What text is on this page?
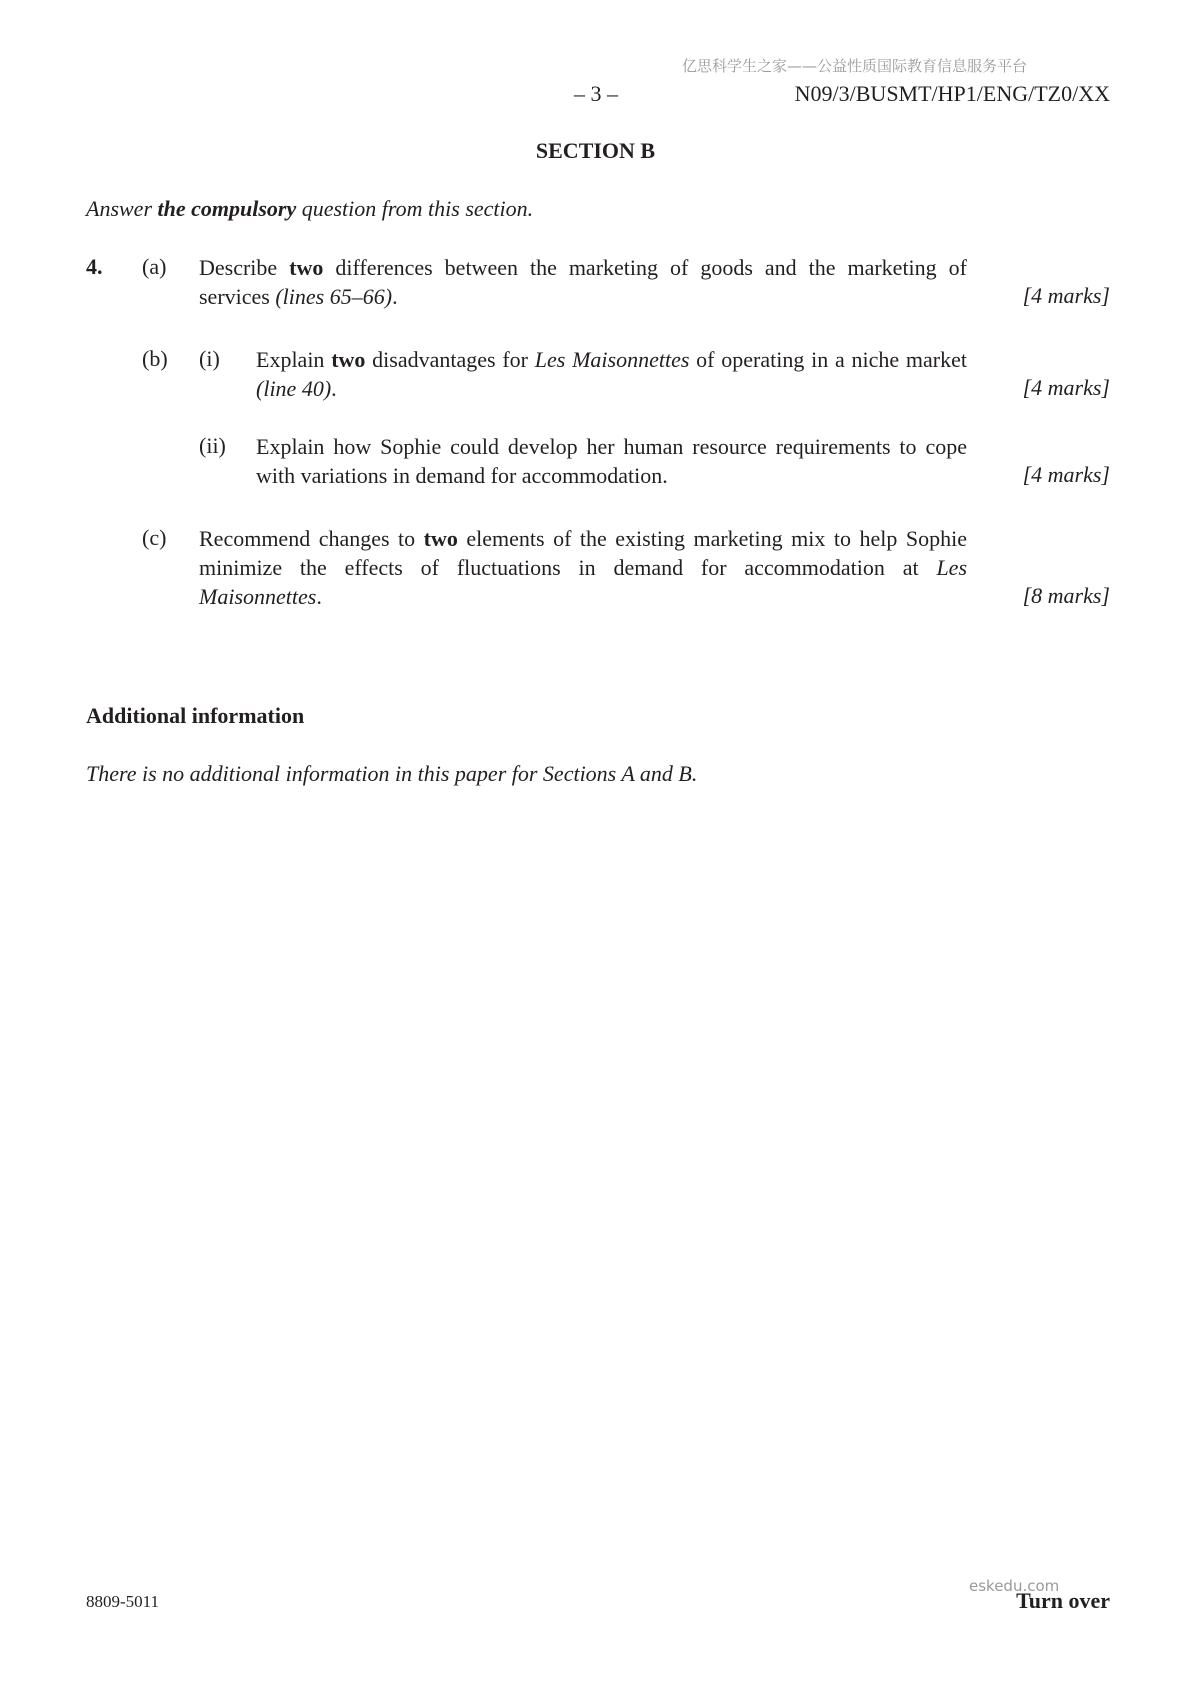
亿思科学生之家——公益性质国际教育信息服务平台
– 3 –	N09/3/BUSMT/HP1/ENG/TZ0/XX
SECTION B
Answer the compulsory question from this section.
4. (a) Describe two differences between the marketing of goods and the marketing of services (lines 65–66).	[4 marks]
(b) (i) Explain two disadvantages for Les Maisonnettes of operating in a niche market (line 40).	[4 marks]
(ii) Explain how Sophie could develop her human resource requirements to cope with variations in demand for accommodation.	[4 marks]
(c) Recommend changes to two elements of the existing marketing mix to help Sophie minimize the effects of fluctuations in demand for accommodation at Les Maisonnettes.	[8 marks]
Additional information
There is no additional information in this paper for Sections A and B.
8809-5011
eskedu.com
Turn over
